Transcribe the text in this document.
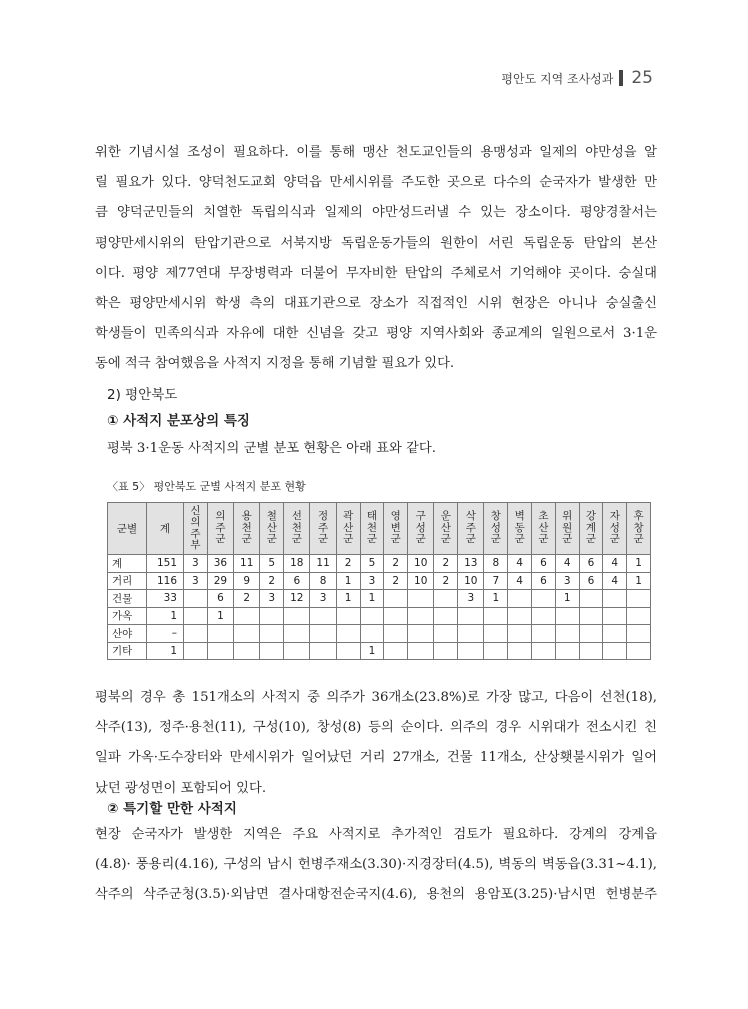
평안도 지역 조사성과 25
위한 기념시설 조성이 필요하다. 이를 통해 맹산 천도교인들의 용맹성과 일제의 야만성을 알
릴 필요가 있다. 양덕천도교회 양덕읍 만세시위를 주도한 곳으로 다수의 순국자가 발생한 만
큼 양덕군민들의 치열한 독립의식과 일제의 야만성드러낼 수 있는 장소이다. 평양경찰서는
평양만세시위의 탄압기관으로 서북지방 독립운동가들의 원한이 서린 독립운동 탄압의 본산
이다. 평양 제77연대 무장병력과 더불어 무자비한 탄압의 주체로서 기억해야 곳이다. 숭실대
학은 평양만세시위 학생 측의 대표기관으로 장소가 직접적인 시위 현장은 아니나 숭실출신
학생들이 민족의식과 자유에 대한 신념을 갖고 평양 지역사회와 종교계의 일원으로서 3·1운
동에 적극 참여했음을 사적지 지정을 통해 기념할 필요가 있다.
2) 평안북도
① 사적지 분포상의 특징
평북 3·1운동 사적지의 군별 분포 현황은 아래 표와 같다.
〈표 5〉 평안북도 군별 사적지 분포 현황
군별	계	신의주부	의주군	용천군	철산군	선천군	정주군	곽산군	태천군	영변군	구성군	운산군	삭주군	창성군	벽동군	초산군	위원군	강계군	자성군	후창군
계	151	3	36	11	5	18	11	2	5	2	10	2	13	8	4	6	4	6	4	1
거리	116	3	29	9	2	6	8	1	3	2	10	2	10	7	4	6	3	6	4	1
건물	33		6	2	3	12	3	1	1				3	1			1			
가옥	1		1																	
산야	–																			
기타	1								1											
평북의 경우 총 151개소의 사적지 중 의주가 36개소(23.8%)로 가장 많고, 다음이 선천(18),
삭주(13), 정주·용천(11), 구성(10), 창성(8) 등의 순이다. 의주의 경우 시위대가 전소시킨 친
일파 가옥·도수장터와 만세시위가 일어났던 거리 27개소, 건물 11개소, 산상횃불시위가 일어
났던 광성면이 포함되어 있다.
② 특기할 만한 사적지
현장 순국자가 발생한 지역은 주요 사적지로 추가적인 검토가 필요하다. 강계의 강계읍
(4.8)· 풍용리(4.16), 구성의 남시 헌병주재소(3.30)·지경장터(4.5), 벽동의 벽동읍(3.31~4.1),
삭주의 삭주군청(3.5)·외남면 결사대항전순국지(4.6), 용천의 용암포(3.25)·남시면 헌병분주
